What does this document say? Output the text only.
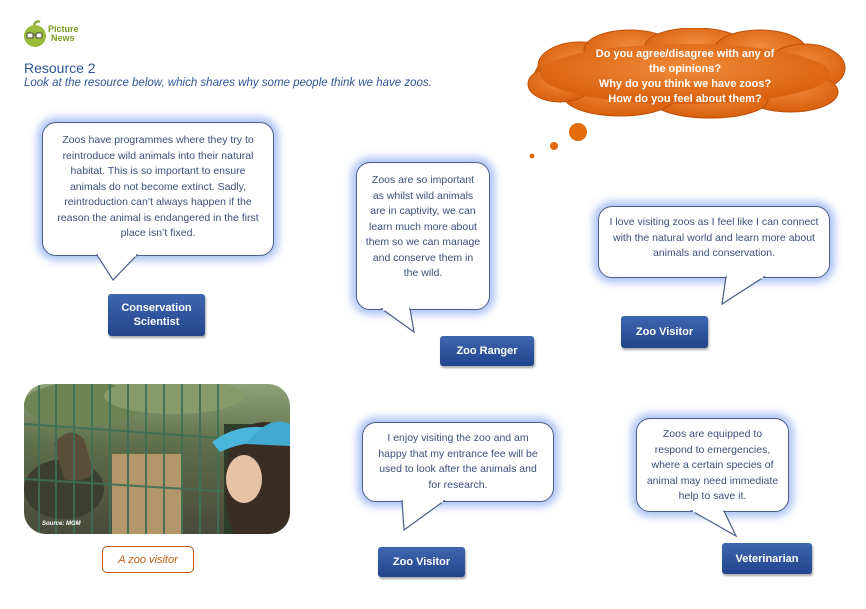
Picture
News
Resource 2
Look at the resource below, which shares why some people think we have zoos.
Do you agree/disagree with any of
the opinions?
Why do you think we have zoos?
How do you feel about them?
Zoos have programmes where they try to reintroduce wild animals into their natural habitat. This is so important to ensure animals do not become extinct. Sadly, reintroduction can’t always happen if the reason the animal is endangered in the first place isn’t fixed.
Conservation Scientist
Zoos are so important as whilst wild animals are in captivity, we can learn much more about them so we can manage and conserve them in the wild.
Zoo Ranger
I love visiting zoos as I feel like I can connect with the natural world and learn more about animals and conservation.
Zoo Visitor
Source: MGM
A zoo visitor
I enjoy visiting the zoo and am happy that my entrance fee will be used to look after the animals and for research.
Zoo Visitor
Zoos are equipped to respond to emergencies, where a certain species of animal may need immediate help to save it.
Veterinarian
